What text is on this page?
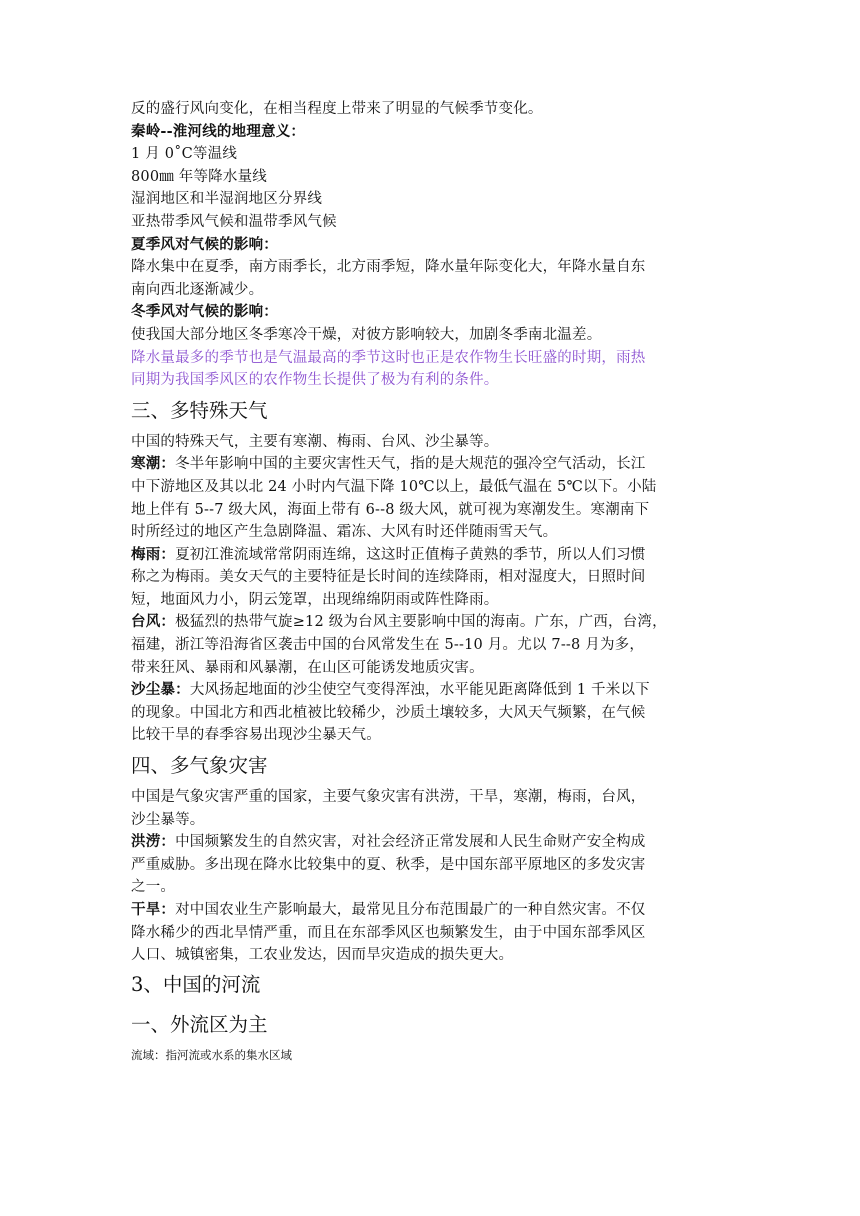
反的盛行风向变化，在相当程度上带来了明显的气候季节变化。
秦岭--淮河线的地理意义：
1 月 0˚C等温线
800㎜ 年等降水量线
湿润地区和半湿润地区分界线
亚热带季风气候和温带季风气候
夏季风对气候的影响：
降水集中在夏季，南方雨季长，北方雨季短，降水量年际变化大，年降水量自东
南向西北逐渐减少。
冬季风对气候的影响：
使我国大部分地区冬季寒冷干燥，对彼方影响较大，加剧冬季南北温差。
降水量最多的季节也是气温最高的季节这时也正是农作物生长旺盛的时期，雨热
同期为我国季风区的农作物生长提供了极为有利的条件。
三、多特殊天气
中国的特殊天气，主要有寒潮、梅雨、台风、沙尘暴等。
寒潮：冬半年影响中国的主要灾害性天气，指的是大规范的强冷空气活动，长江
中下游地区及其以北 24 小时内气温下降 10℃以上，最低气温在 5℃以下。小陆
地上伴有 5--7 级大风，海面上带有 6--8 级大风，就可视为寒潮发生。寒潮南下
时所经过的地区产生急剧降温、霜冻、大风有时还伴随雨雪天气。
梅雨：夏初江淮流域常常阴雨连绵，这这时正值梅子黄熟的季节，所以人们习惯
称之为梅雨。美女天气的主要特征是长时间的连续降雨，相对湿度大，日照时间
短，地面风力小，阴云笼罩，出现绵绵阴雨或阵性降雨。
台风：极猛烈的热带气旋≥12 级为台风主要影响中国的海南。广东，广西，台湾，
福建，浙江等沿海省区袭击中国的台风常发生在 5--10 月。尤以 7--8 月为多，
带来狂风、暴雨和风暴潮，在山区可能诱发地质灾害。
沙尘暴：大风扬起地面的沙尘使空气变得浑浊，水平能见距离降低到 1 千米以下
的现象。中国北方和西北植被比较稀少，沙质土壤较多，大风天气频繁，在气候
比较干旱的春季容易出现沙尘暴天气。
四、多气象灾害
中国是气象灾害严重的国家，主要气象灾害有洪涝，干旱，寒潮，梅雨，台风，
沙尘暴等。
洪涝：中国频繁发生的自然灾害，对社会经济正常发展和人民生命财产安全构成
严重威胁。多出现在降水比较集中的夏、秋季，是中国东部平原地区的多发灾害
之一。
干旱：对中国农业生产影响最大，最常见且分布范围最广的一种自然灾害。不仅
降水稀少的西北旱情严重，而且在东部季风区也频繁发生，由于中国东部季风区
人口、城镇密集，工农业发达，因而旱灾造成的损失更大。
3、中国的河流
一、外流区为主
流域：指河流或水系的集水区域
